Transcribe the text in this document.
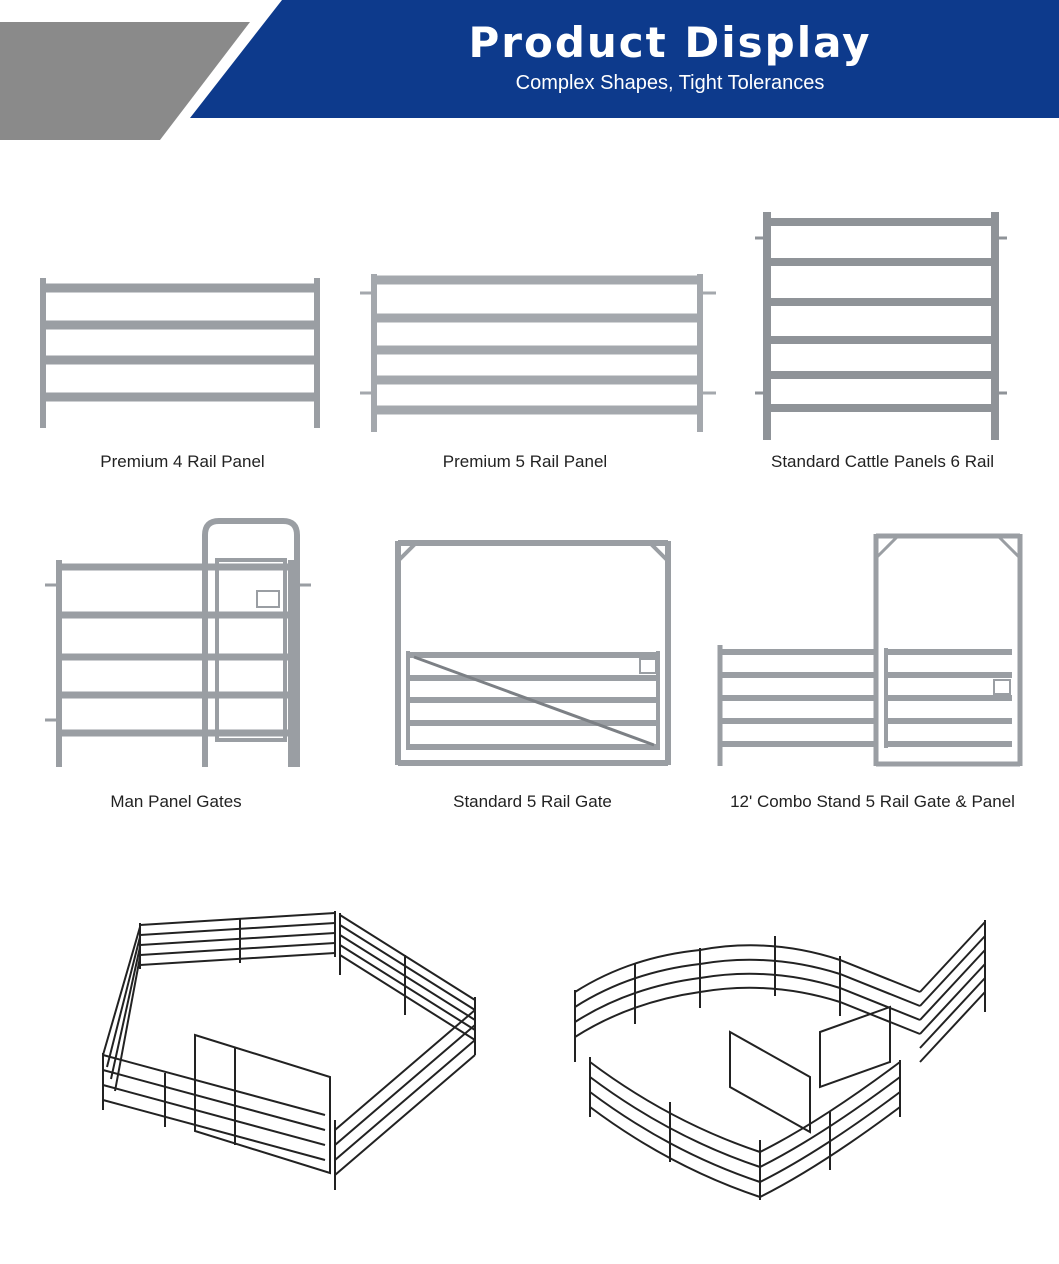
Product Display
Complex Shapes, Tight Tolerances
Premium 4 Rail Panel	Premium 5 Rail Panel	Standard Cattle Panels 6 Rail
Man Panel Gates	Standard 5 Rail Gate	12' Combo Stand 5 Rail Gate & Panel
